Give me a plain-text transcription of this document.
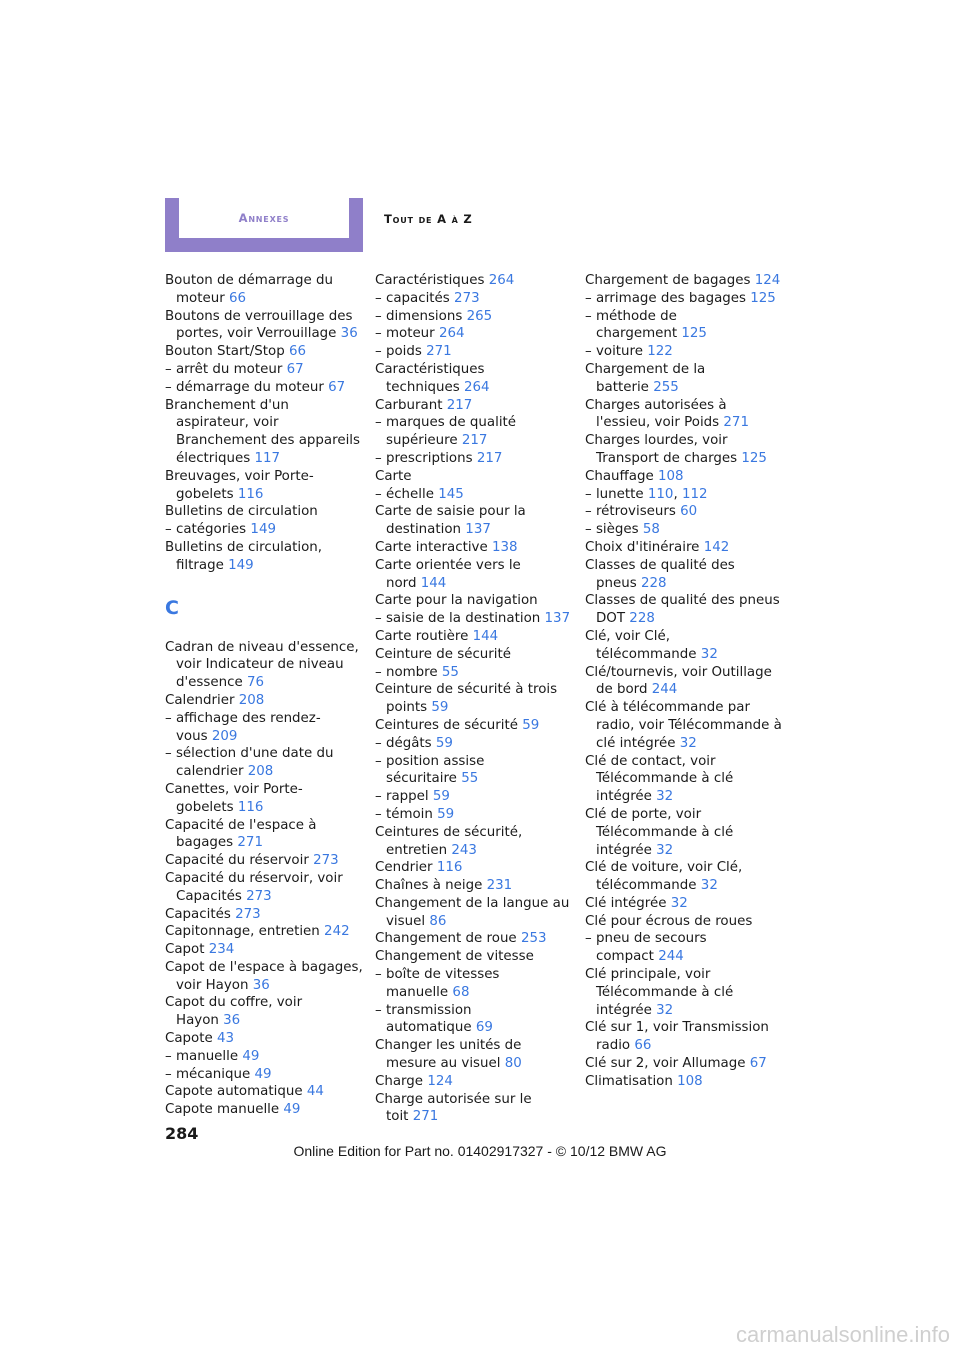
Annexes	Tout de A à Z
Bouton de démarrage du moteur 66
Boutons de verrouillage des portes, voir Verrouillage 36
Bouton Start/Stop 66
– arrêt du moteur 67
– démarrage du moteur 67
Branchement d'un aspirateur, voir Branchement des appareils électriques 117
Breuvages, voir Porte-gobelets 116
Bulletins de circulation
– catégories 149
Bulletins de circulation, filtrage 149
C
Cadran de niveau d'essence, voir Indicateur de niveau d'essence 76
Calendrier 208
– affichage des rendez-vous 209
– sélection d'une date du calendrier 208
Canettes, voir Porte-gobelets 116
Capacité de l'espace à bagages 271
Capacité du réservoir 273
Capacité du réservoir, voir Capacités 273
Capacités 273
Capitonnage, entretien 242
Capot 234
Capot de l'espace à bagages, voir Hayon 36
Capot du coffre, voir Hayon 36
Capote 43
– manuelle 49
– mécanique 49
Capote automatique 44
Capote manuelle 49
Caractéristiques 264
– capacités 273
– dimensions 265
– moteur 264
– poids 271
Caractéristiques techniques 264
Carburant 217
– marques de qualité supérieure 217
– prescriptions 217
Carte
– échelle 145
Carte de saisie pour la destination 137
Carte interactive 138
Carte orientée vers le nord 144
Carte pour la navigation
– saisie de la destination 137
Carte routière 144
Ceinture de sécurité
– nombre 55
Ceinture de sécurité à trois points 59
Ceintures de sécurité 59
– dégâts 59
– position assise sécuritaire 55
– rappel 59
– témoin 59
Ceintures de sécurité, entretien 243
Cendrier 116
Chaînes à neige 231
Changement de la langue au visuel 86
Changement de roue 253
Changement de vitesse
– boîte de vitesses manuelle 68
– transmission automatique 69
Changer les unités de mesure au visuel 80
Charge 124
Charge autorisée sur le toit 271
Chargement de bagages 124
– arrimage des bagages 125
– méthode de chargement 125
– voiture 122
Chargement de la batterie 255
Charges autorisées à l'essieu, voir Poids 271
Charges lourdes, voir Transport de charges 125
Chauffage 108
– lunette 110, 112
– rétroviseurs 60
– sièges 58
Choix d'itinéraire 142
Classes de qualité des pneus 228
Classes de qualité des pneus DOT 228
Clé, voir Clé, télécommande 32
Clé/tournevis, voir Outillage de bord 244
Clé à télécommande par radio, voir Télécommande à clé intégrée 32
Clé de contact, voir Télécommande à clé intégrée 32
Clé de porte, voir Télécommande à clé intégrée 32
Clé de voiture, voir Clé, télécommande 32
Clé intégrée 32
Clé pour écrous de roues
– pneu de secours compact 244
Clé principale, voir Télécommande à clé intégrée 32
Clé sur 1, voir Transmission radio 66
Clé sur 2, voir Allumage 67
Climatisation 108
284
Online Edition for Part no. 01402917327 - © 10/12 BMW AG
carmanualsonline.info
